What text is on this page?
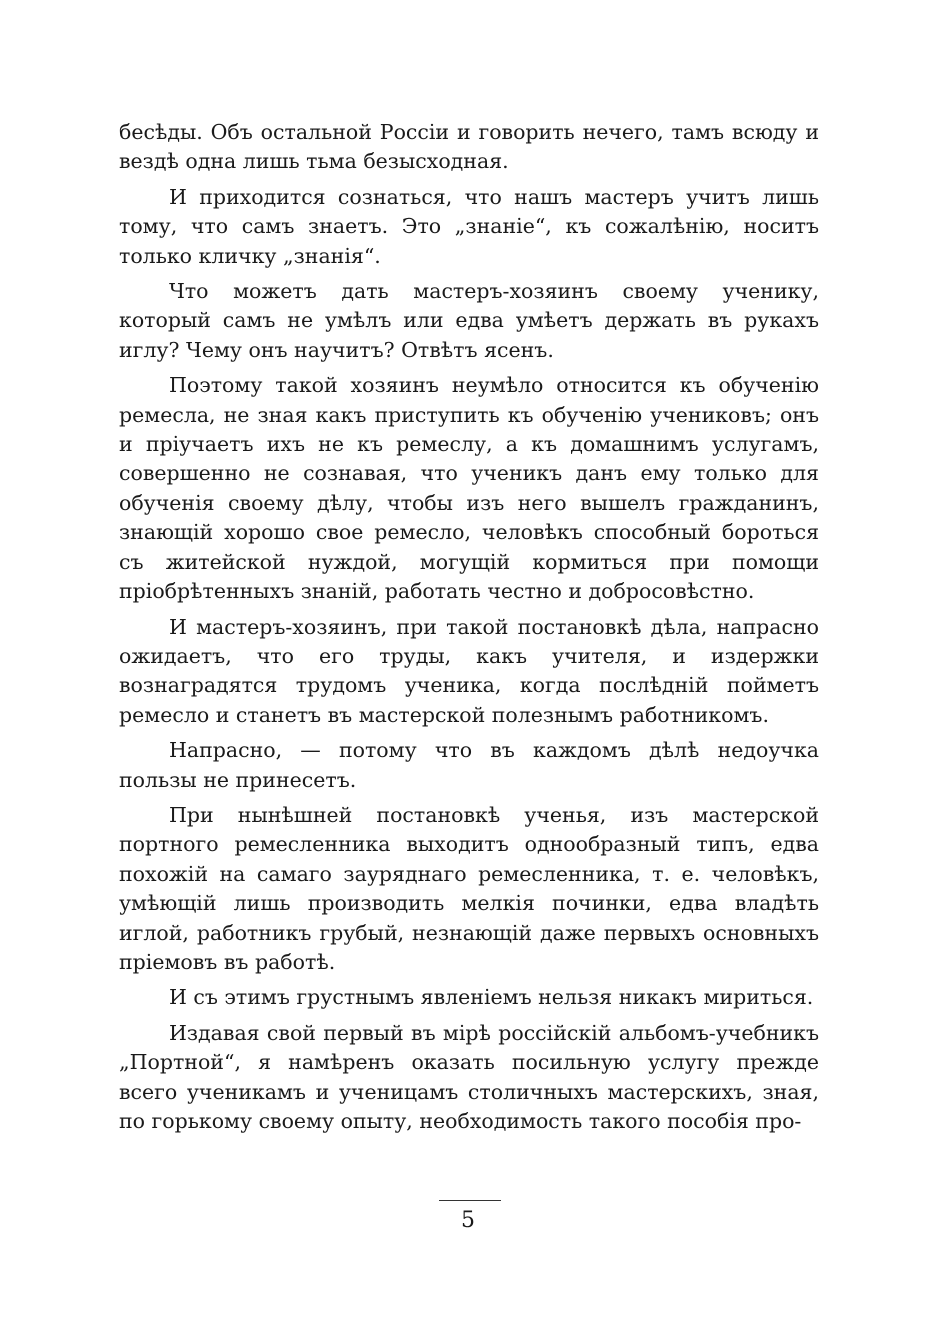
бесѣды. Объ остальной Россіи и говорить нечего, тамъ всюду и вездѣ одна лишь тьма безысходная.

И приходится сознаться, что нашъ мастеръ учитъ лишь тому, что самъ знаетъ. Это „знаніе“, къ сожалѣнію, носитъ только кличку „знанія“.

Что можетъ дать мастеръ-хозяинъ своему ученику, который самъ не умѣлъ или едва умѣетъ держать въ рукахъ иглу? Чему онъ научитъ? Отвѣтъ ясенъ.

Поэтому такой хозяинъ неумѣло относится къ обученію ремесла, не зная какъ приступить къ обученію учениковъ; онъ и пріучаетъ ихъ не къ ремеслу, а къ домашнимъ услугамъ, совершенно не сознавая, что ученикъ данъ ему только для обученія своему дѣлу, чтобы изъ него вышелъ гражданинъ, знающій хорошо свое ремесло, человѣкъ способный бороться съ житейской нуждой, могущій кормиться при помощи пріобрѣтенныхъ знаній, работать честно и добросовѣстно.

И мастеръ-хозяинъ, при такой постановкѣ дѣла, напрасно ожидаетъ, что его труды, какъ учителя, и издержки вознаградятся трудомъ ученика, когда послѣдній пойметъ ремесло и станетъ въ мастерской полезнымъ работникомъ.

Напрасно, — потому что въ каждомъ дѣлѣ недоучка пользы не принесетъ.

При нынѣшней постановкѣ ученья, изъ мастерской портного ремесленника выходитъ однообразный типъ, едва похожій на самаго зауряднаго ремесленника, т. е. человѣкъ, умѣющій лишь производить мелкія починки, едва владѣть иглой, работникъ грубый, незнающій даже первыхъ основныхъ пріемовъ въ работѣ.

И съ этимъ грустнымъ явленіемъ нельзя никакъ мириться.

Издавая свой первый въ мірѣ россійскій альбомъ-учебникъ „Портной“, я намѣренъ оказать посильную услугу прежде всего ученикамъ и ученицамъ столичныхъ мастерскихъ, зная, по горькому своему опыту, необходимость такого пособія про-

5
